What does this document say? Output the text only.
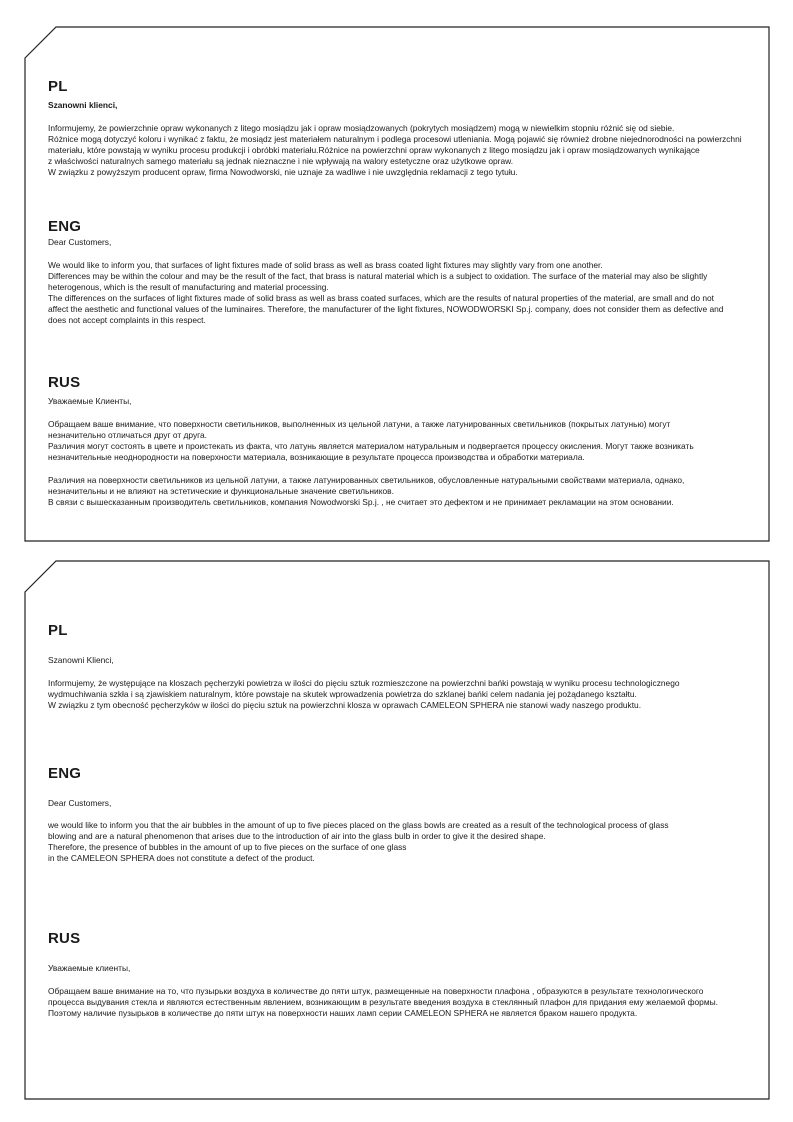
PL

Szanowni klienci,

Informujemy, że powierzchnie opraw wykonanych z litego mosiądzu jak i opraw mosiądzowanych (pokrytych mosiądzem) mogą w niewielkim stopniu różnić się od siebie.
Różnice mogą dotyczyć koloru i wynikać z faktu, że mosiądz jest materiałem naturalnym i podlega procesowi utleniania. Mogą pojawić się również drobne niejednorodności na powierzchni
materiału, które powstają w wyniku procesu produkcji i obróbki materiału.Różnice na powierzchni opraw wykonanych z litego mosiądzu jak i opraw mosiądzowanych wynikające
z właściwości naturalnych samego materiału są jednak nieznaczne i nie wpływają na walory estetyczne oraz użytkowe opraw.
W związku z powyższym producent opraw, firma Nowodworski, nie uznaje za wadliwe i nie uwzględnia reklamacji z tego tytułu.

ENG

Dear Customers,

We would like to inform you, that surfaces of light fixtures made of solid brass as well as brass coated light fixtures may slightly vary from one another.
Differences may be within the colour and may be the result of the fact, that brass is natural material which is a subject to oxidation. The surface of the material may also be slightly
heterogenous, which is the result of manufacturing and material processing.
The differences on the surfaces of light fixtures made of solid brass as well as brass coated surfaces, which are the results of natural properties of the material, are small and do not
affect the aesthetic and functional values of the luminaires. Therefore, the manufacturer of the light fixtures, NOWODWORSKI Sp.j. company, does not consider them as defective and
does not accept complaints in this respect.

RUS

Уважаемые Клиенты,

Обращаем ваше внимание, что поверхности светильников, выполненных из цельной латуни, а также латунированных светильников (покрытых латунью) могут
незначительно отличаться друг от друга.
Различия могут состоять в цвете и проистекать из факта, что латунь является материалом натуральным и подвергается процессу окисления. Могут также возникать
незначительные неоднородности на поверхности материала, возникающие в результате процесса производства и обработки материала.

Различия на поверхности светильников из цельной латуни, а также латунированных светильников, обусловленные натуральными свойствами материала, однако,
незначительны и не влияют на эстетические и функциональные значение светильников.
В связи с вышесказанным производитель светильников, компания Nowodworski Sp.j. , не считает это дефектом и не принимает рекламации на этом основании.

PL

Szanowni Klienci,

Informujemy, że występujące na kloszach pęcherzyki powietrza w ilości do pięciu sztuk rozmieszczone na powierzchni bańki powstają w wyniku procesu technologicznego
wydmuchiwania szkła i są zjawiskiem naturalnym, które powstaje na skutek wprowadzenia powietrza do szklanej bańki celem nadania jej pożądanego kształtu.
W związku z tym obecność pęcherzyków w ilości do pięciu sztuk na powierzchni klosza w oprawach CAMELEON SPHERA nie stanowi wady naszego produktu.

ENG

Dear Customers,

we would like to inform you that the air bubbles in the amount of up to five pieces placed on the glass bowls are created as a result of the technological process of glass
blowing and are a natural phenomenon that arises due to the introduction of air into the glass bulb in order to give it the desired shape.
Therefore, the presence of bubbles in the amount of up to five pieces on the surface of one glass
in the CAMELEON SPHERA does not constitute a defect of the product.

RUS

Уважаемые клиенты,

Обращаем ваше внимание на то, что пузырьки воздуха в количестве до пяти штук, размещенные на поверхности плафона , образуются в результате технологического
процесса выдувания стекла и являются естественным явлением, возникающим в результате введения воздуха в стеклянный плафон для придания ему желаемой формы.
Поэтому наличие пузырьков в количестве до пяти штук на поверхности наших ламп серии CAMELEON SPHERA не является браком нашего продукта.
